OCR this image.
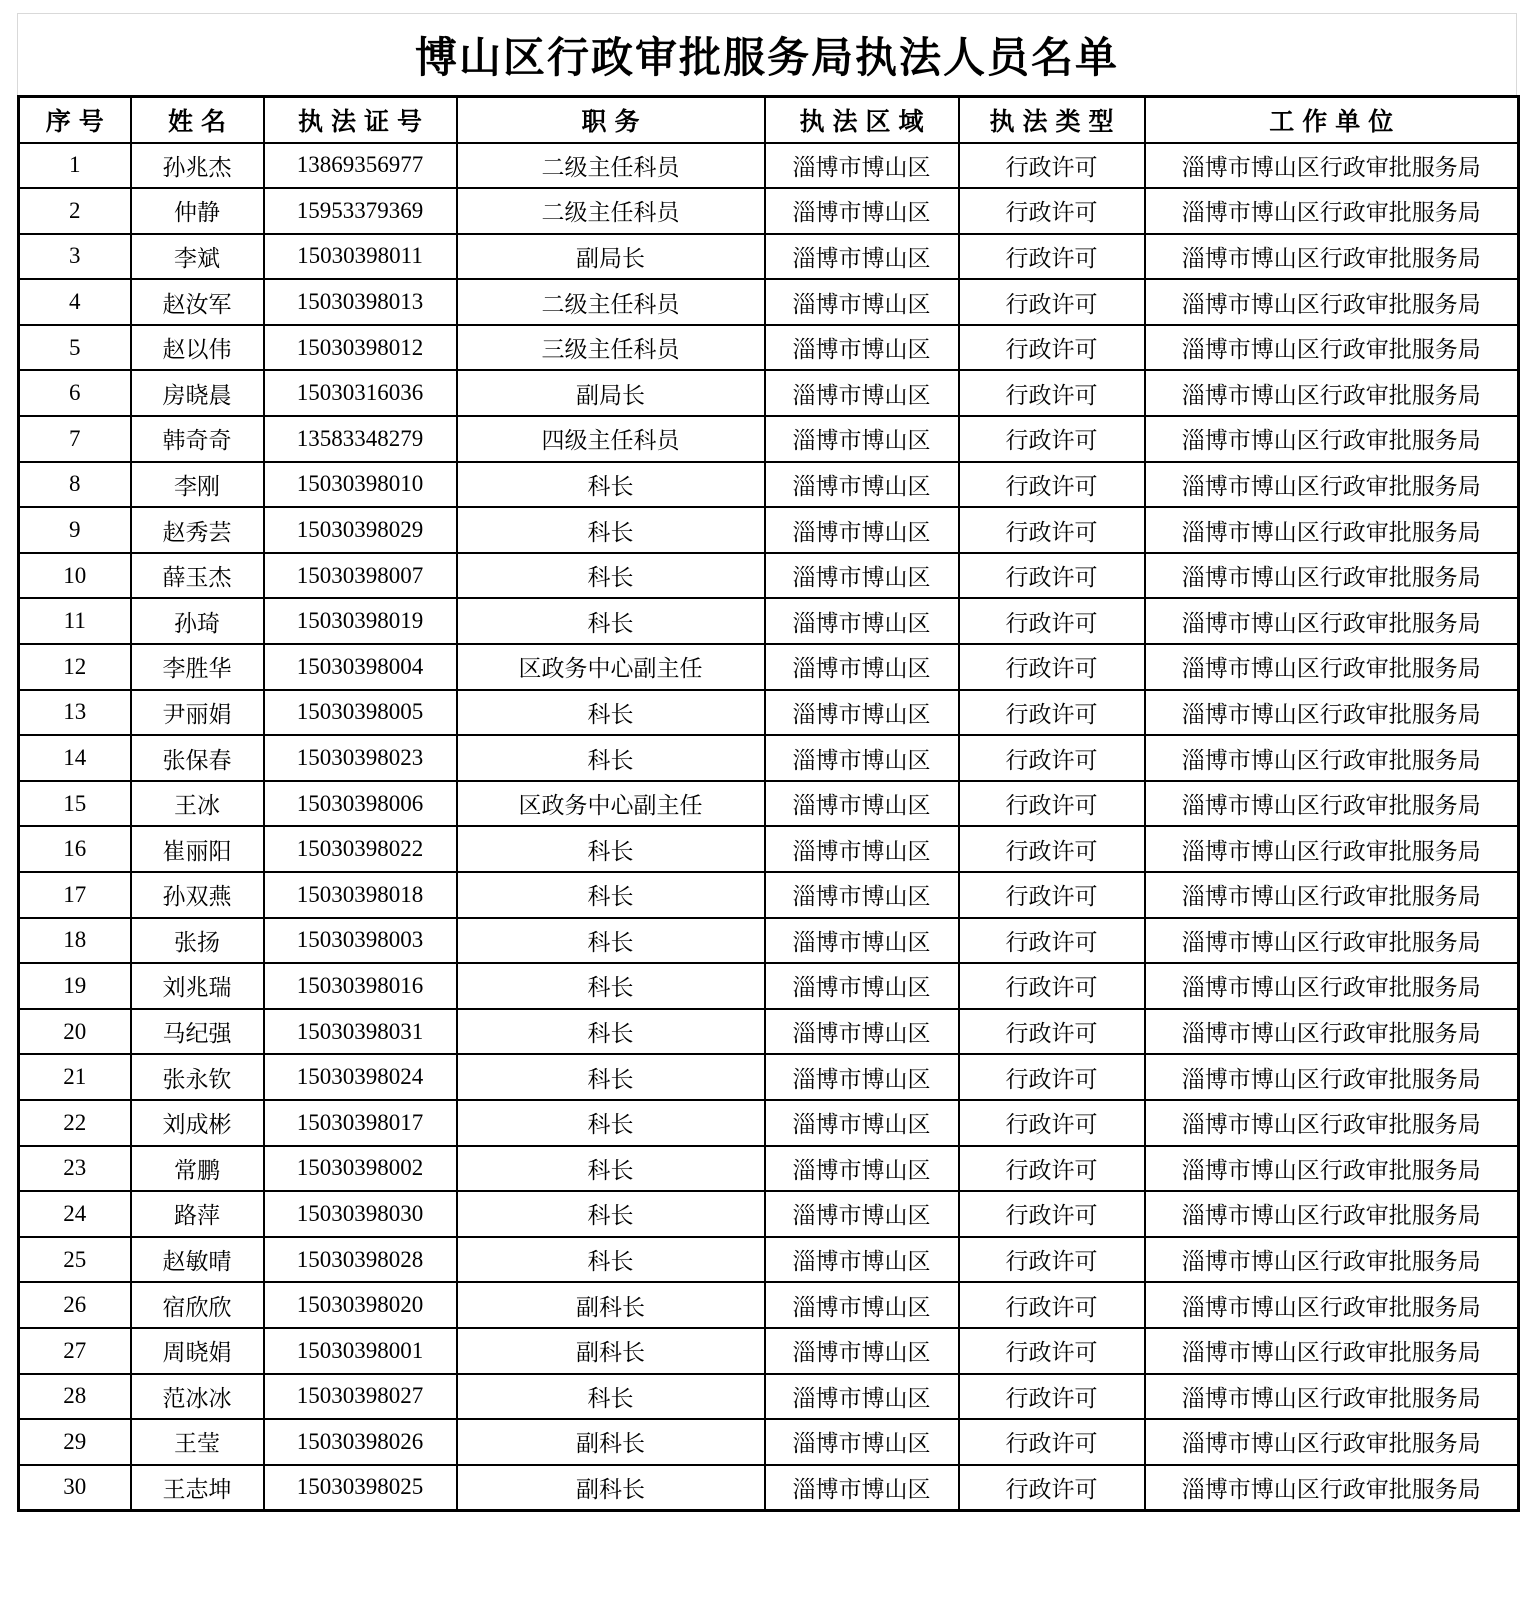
博山区行政审批服务局执法人员名单
序号	姓名	执法证号	职务	执法区域	执法类型	工作单位
1	孙兆杰	13869356977	二级主任科员	淄博市博山区	行政许可	淄博市博山区行政审批服务局
2	仲静	15953379369	二级主任科员	淄博市博山区	行政许可	淄博市博山区行政审批服务局
3	李斌	15030398011	副局长	淄博市博山区	行政许可	淄博市博山区行政审批服务局
4	赵汝军	15030398013	二级主任科员	淄博市博山区	行政许可	淄博市博山区行政审批服务局
5	赵以伟	15030398012	三级主任科员	淄博市博山区	行政许可	淄博市博山区行政审批服务局
6	房晓晨	15030316036	副局长	淄博市博山区	行政许可	淄博市博山区行政审批服务局
7	韩奇奇	13583348279	四级主任科员	淄博市博山区	行政许可	淄博市博山区行政审批服务局
8	李刚	15030398010	科长	淄博市博山区	行政许可	淄博市博山区行政审批服务局
9	赵秀芸	15030398029	科长	淄博市博山区	行政许可	淄博市博山区行政审批服务局
10	薛玉杰	15030398007	科长	淄博市博山区	行政许可	淄博市博山区行政审批服务局
11	孙琦	15030398019	科长	淄博市博山区	行政许可	淄博市博山区行政审批服务局
12	李胜华	15030398004	区政务中心副主任	淄博市博山区	行政许可	淄博市博山区行政审批服务局
13	尹丽娟	15030398005	科长	淄博市博山区	行政许可	淄博市博山区行政审批服务局
14	张保春	15030398023	科长	淄博市博山区	行政许可	淄博市博山区行政审批服务局
15	王冰	15030398006	区政务中心副主任	淄博市博山区	行政许可	淄博市博山区行政审批服务局
16	崔丽阳	15030398022	科长	淄博市博山区	行政许可	淄博市博山区行政审批服务局
17	孙双燕	15030398018	科长	淄博市博山区	行政许可	淄博市博山区行政审批服务局
18	张扬	15030398003	科长	淄博市博山区	行政许可	淄博市博山区行政审批服务局
19	刘兆瑞	15030398016	科长	淄博市博山区	行政许可	淄博市博山区行政审批服务局
20	马纪强	15030398031	科长	淄博市博山区	行政许可	淄博市博山区行政审批服务局
21	张永钦	15030398024	科长	淄博市博山区	行政许可	淄博市博山区行政审批服务局
22	刘成彬	15030398017	科长	淄博市博山区	行政许可	淄博市博山区行政审批服务局
23	常鹏	15030398002	科长	淄博市博山区	行政许可	淄博市博山区行政审批服务局
24	路萍	15030398030	科长	淄博市博山区	行政许可	淄博市博山区行政审批服务局
25	赵敏晴	15030398028	科长	淄博市博山区	行政许可	淄博市博山区行政审批服务局
26	宿欣欣	15030398020	副科长	淄博市博山区	行政许可	淄博市博山区行政审批服务局
27	周晓娟	15030398001	副科长	淄博市博山区	行政许可	淄博市博山区行政审批服务局
28	范冰冰	15030398027	科长	淄博市博山区	行政许可	淄博市博山区行政审批服务局
29	王莹	15030398026	副科长	淄博市博山区	行政许可	淄博市博山区行政审批服务局
30	王志坤	15030398025	副科长	淄博市博山区	行政许可	淄博市博山区行政审批服务局
